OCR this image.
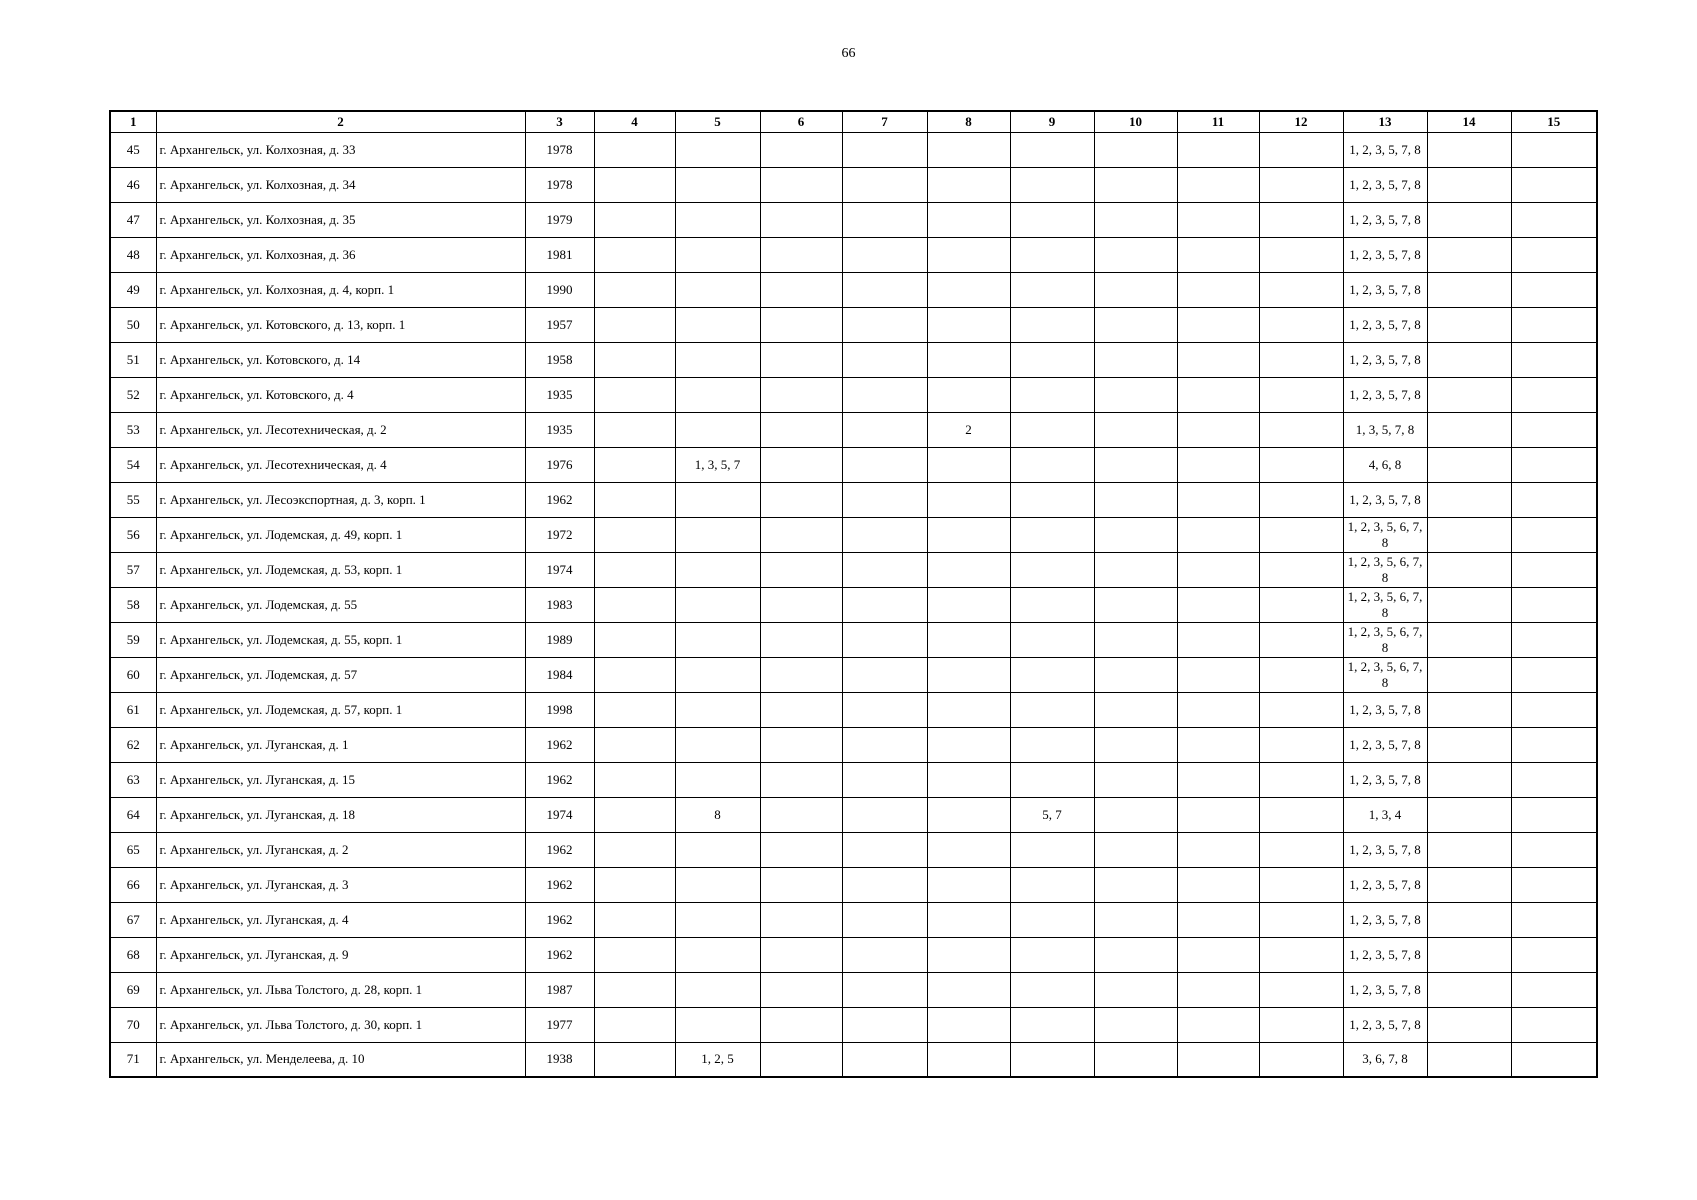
66
1	2	3	4	5	6	7	8	9	10	11	12	13	14	15
45	г. Архангельск, ул. Колхозная, д. 33	1978										1, 2, 3, 5, 7, 8		
46	г. Архангельск, ул. Колхозная, д. 34	1978										1, 2, 3, 5, 7, 8		
47	г. Архангельск, ул. Колхозная, д. 35	1979										1, 2, 3, 5, 7, 8		
48	г. Архангельск, ул. Колхозная, д. 36	1981										1, 2, 3, 5, 7, 8		
49	г. Архангельск, ул. Колхозная, д. 4, корп. 1	1990										1, 2, 3, 5, 7, 8		
50	г. Архангельск, ул. Котовского, д. 13, корп. 1	1957										1, 2, 3, 5, 7, 8		
51	г. Архангельск, ул. Котовского, д. 14	1958										1, 2, 3, 5, 7, 8		
52	г. Архангельск, ул. Котовского, д. 4	1935										1, 2, 3, 5, 7, 8		
53	г. Архангельск, ул. Лесотехническая, д. 2	1935					2					1, 3, 5, 7, 8		
54	г. Архангельск, ул. Лесотехническая, д. 4	1976		1, 3, 5, 7								4, 6, 8		
55	г. Архангельск, ул. Лесоэкспортная, д. 3, корп. 1	1962										1, 2, 3, 5, 7, 8		
56	г. Архангельск, ул. Лодемская, д. 49, корп. 1	1972										1, 2, 3, 5, 6, 7, 8		
57	г. Архангельск, ул. Лодемская, д. 53, корп. 1	1974										1, 2, 3, 5, 6, 7, 8		
58	г. Архангельск, ул. Лодемская, д. 55	1983										1, 2, 3, 5, 6, 7, 8		
59	г. Архангельск, ул. Лодемская, д. 55, корп. 1	1989										1, 2, 3, 5, 6, 7, 8		
60	г. Архангельск, ул. Лодемская, д. 57	1984										1, 2, 3, 5, 6, 7, 8		
61	г. Архангельск, ул. Лодемская, д. 57, корп. 1	1998										1, 2, 3, 5, 7, 8		
62	г. Архангельск, ул. Луганская, д. 1	1962										1, 2, 3, 5, 7, 8		
63	г. Архангельск, ул. Луганская, д. 15	1962										1, 2, 3, 5, 7, 8		
64	г. Архангельск, ул. Луганская, д. 18	1974		8				5, 7				1, 3, 4		
65	г. Архангельск, ул. Луганская, д. 2	1962										1, 2, 3, 5, 7, 8		
66	г. Архангельск, ул. Луганская, д. 3	1962										1, 2, 3, 5, 7, 8		
67	г. Архангельск, ул. Луганская, д. 4	1962										1, 2, 3, 5, 7, 8		
68	г. Архангельск, ул. Луганская, д. 9	1962										1, 2, 3, 5, 7, 8		
69	г. Архангельск, ул. Льва Толстого, д. 28, корп. 1	1987										1, 2, 3, 5, 7, 8		
70	г. Архангельск, ул. Льва Толстого, д. 30, корп. 1	1977										1, 2, 3, 5, 7, 8		
71	г. Архангельск, ул. Менделеева, д. 10	1938		1, 2, 5								3, 6, 7, 8		
